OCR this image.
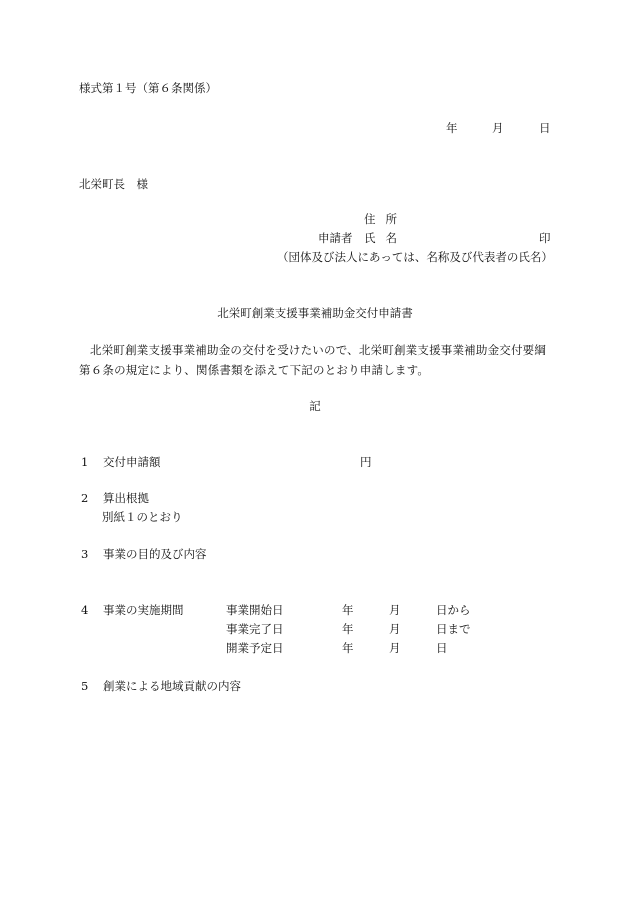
様式第１号（第６条関係）
年	月	日
北栄町長　様
住所
申請者 氏名	印
（団体及び法人にあっては、名称及び代表者の氏名）
北栄町創業支援事業補助金交付申請書
北栄町創業支援事業補助金の交付を受けたいので、北栄町創業支援事業補助金交付要綱第６条の規定により、関係書類を添えて下記のとおり申請します。
記
1 交付申請額	円
2 算出根拠
別紙１のとおり
3 事業の目的及び内容
4 事業の実施期間	事業開始日	年	月	日から
事業完了日	年	月	日まで
開業予定日	年	月	日
5 創業による地域貢献の内容
